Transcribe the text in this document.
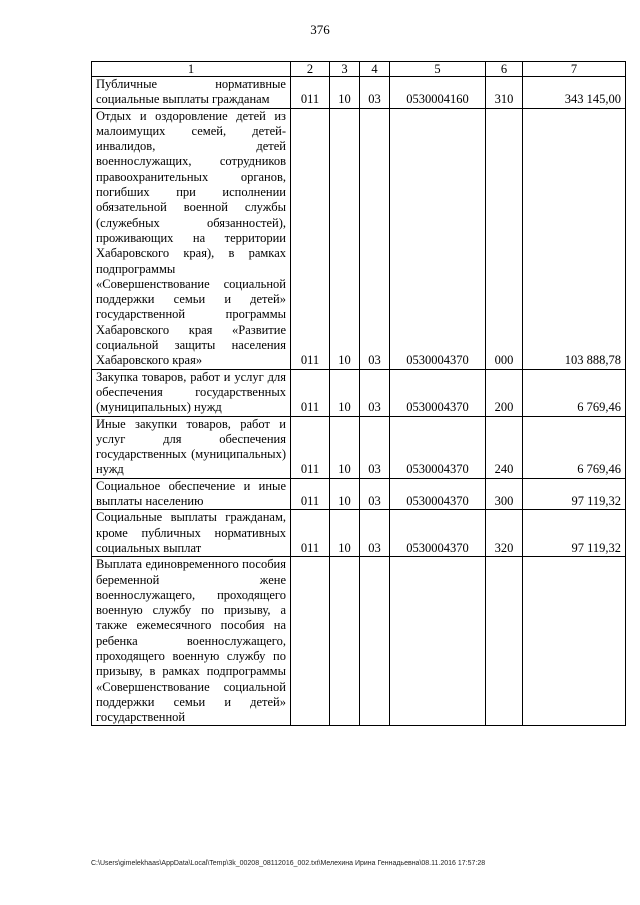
376
1	2	3	4	5	6	7
Публичные нормативные социальные выплаты гражданам	011	10	03	0530004160	310	343 145,00
Отдых и оздоровление детей из малоимущих семей, детей-инвалидов, детей военнослужащих, сотрудников правоохранительных органов, погибших при исполнении обязательной военной службы (служебных обязанностей), проживающих на территории Хабаровского края), в рамках подпрограммы «Совершенствование социальной поддержки семьи и детей» государственной программы Хабаровского края «Развитие социальной защиты населения Хабаровского края»	011	10	03	0530004370	000	103 888,78
Закупка товаров, работ и услуг для обеспечения государственных (муниципальных) нужд	011	10	03	0530004370	200	6 769,46
Иные закупки товаров, работ и услуг для обеспечения государственных (муниципальных) нужд	011	10	03	0530004370	240	6 769,46
Социальное обеспечение и иные выплаты населению	011	10	03	0530004370	300	97 119,32
Социальные выплаты гражданам, кроме публичных нормативных социальных выплат	011	10	03	0530004370	320	97 119,32
Выплата единовременного пособия беременной жене военнослужащего, проходящего военную службу по призыву, а также ежемесячного пособия на ребенка военнослужащего, проходящего военную службу по призыву, в рамках подпрограммы «Совершенствование социальной поддержки семьи и детей» государственной						
C:\Users\gimelekhaas\AppData\Local\Temp\3k_00208_08112016_002.txt\Мелехина Ирина Геннадьевна\08.11.2016 17:57:28
